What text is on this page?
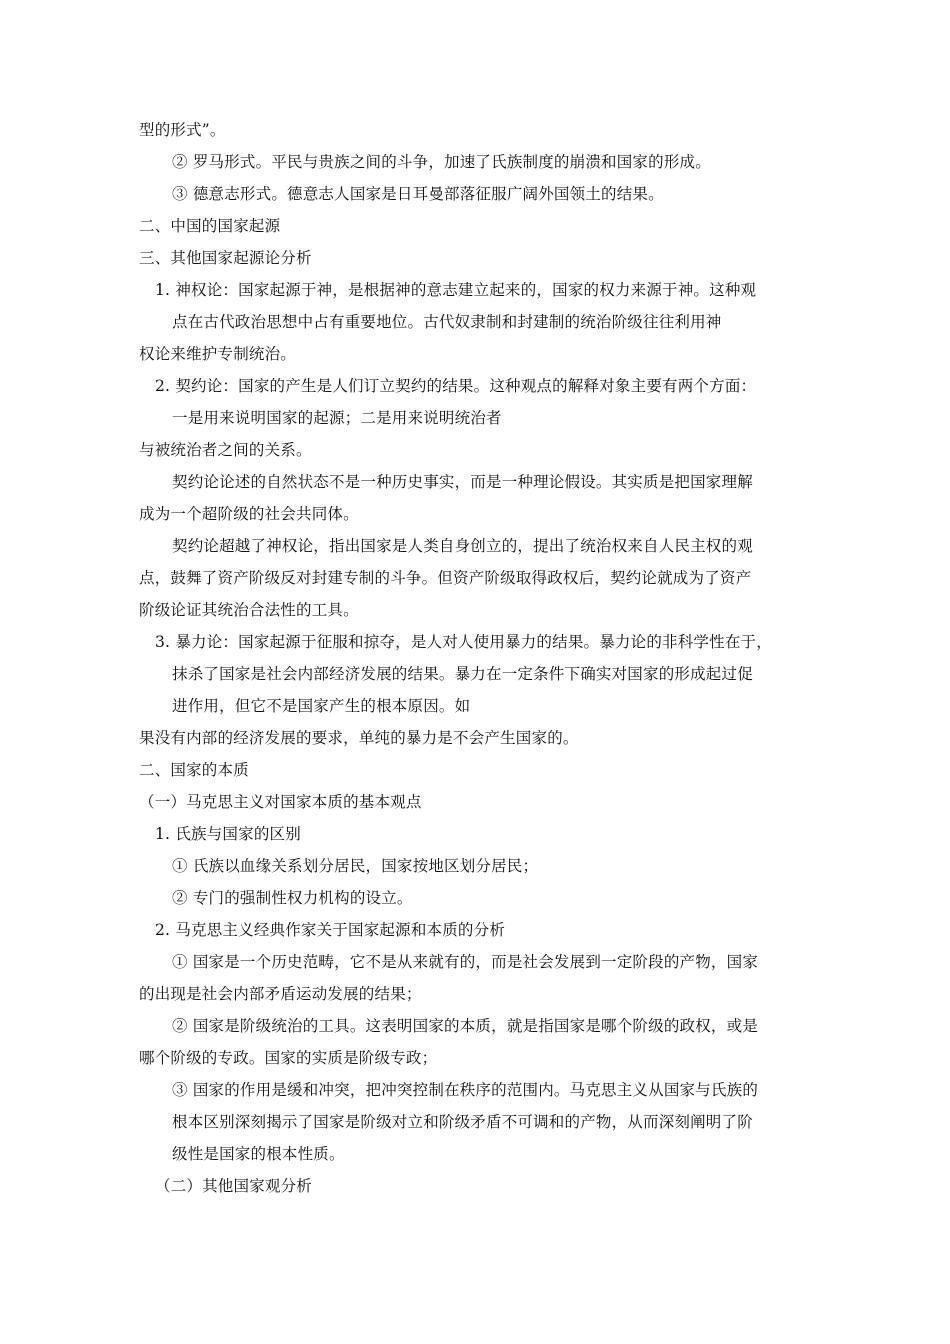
型的形式”。
② 罗马形式。平民与贵族之间的斗争，加速了氏族制度的崩溃和国家的形成。
③ 德意志形式。德意志人国家是日耳曼部落征服广阔外国领土的结果。
二、中国的国家起源
三、其他国家起源论分析
1. 神权论：国家起源于神，是根据神的意志建立起来的，国家的权力来源于神。这种观
点在古代政治思想中占有重要地位。古代奴隶制和封建制的统治阶级往往利用神
权论来维护专制统治。
2. 契约论：国家的产生是人们订立契约的结果。这种观点的解释对象主要有两个方面：
一是用来说明国家的起源；二是用来说明统治者
与被统治者之间的关系。
契约论论述的自然状态不是一种历史事实，而是一种理论假设。其实质是把国家理解
成为一个超阶级的社会共同体。
契约论超越了神权论，指出国家是人类自身创立的，提出了统治权来自人民主权的观
点，鼓舞了资产阶级反对封建专制的斗争。但资产阶级取得政权后，契约论就成为了资产
阶级论证其统治合法性的工具。
3. 暴力论：国家起源于征服和掠夺，是人对人使用暴力的结果。暴力论的非科学性在于，
抹杀了国家是社会内部经济发展的结果。暴力在一定条件下确实对国家的形成起过促
进作用，但它不是国家产生的根本原因。如
果没有内部的经济发展的要求，单纯的暴力是不会产生国家的。
二、国家的本质
（一）马克思主义对国家本质的基本观点
1. 氏族与国家的区别
① 氏族以血缘关系划分居民，国家按地区划分居民；
② 专门的强制性权力机构的设立。
2. 马克思主义经典作家关于国家起源和本质的分析
① 国家是一个历史范畴，它不是从来就有的，而是社会发展到一定阶段的产物，国家
的出现是社会内部矛盾运动发展的结果；
② 国家是阶级统治的工具。这表明国家的本质，就是指国家是哪个阶级的政权，或是
哪个阶级的专政。国家的实质是阶级专政；
③ 国家的作用是缓和冲突，把冲突控制在秩序的范围内。马克思主义从国家与氏族的
根本区别深刻揭示了国家是阶级对立和阶级矛盾不可调和的产物，从而深刻阐明了阶
级性是国家的根本性质。
（二）其他国家观分析
